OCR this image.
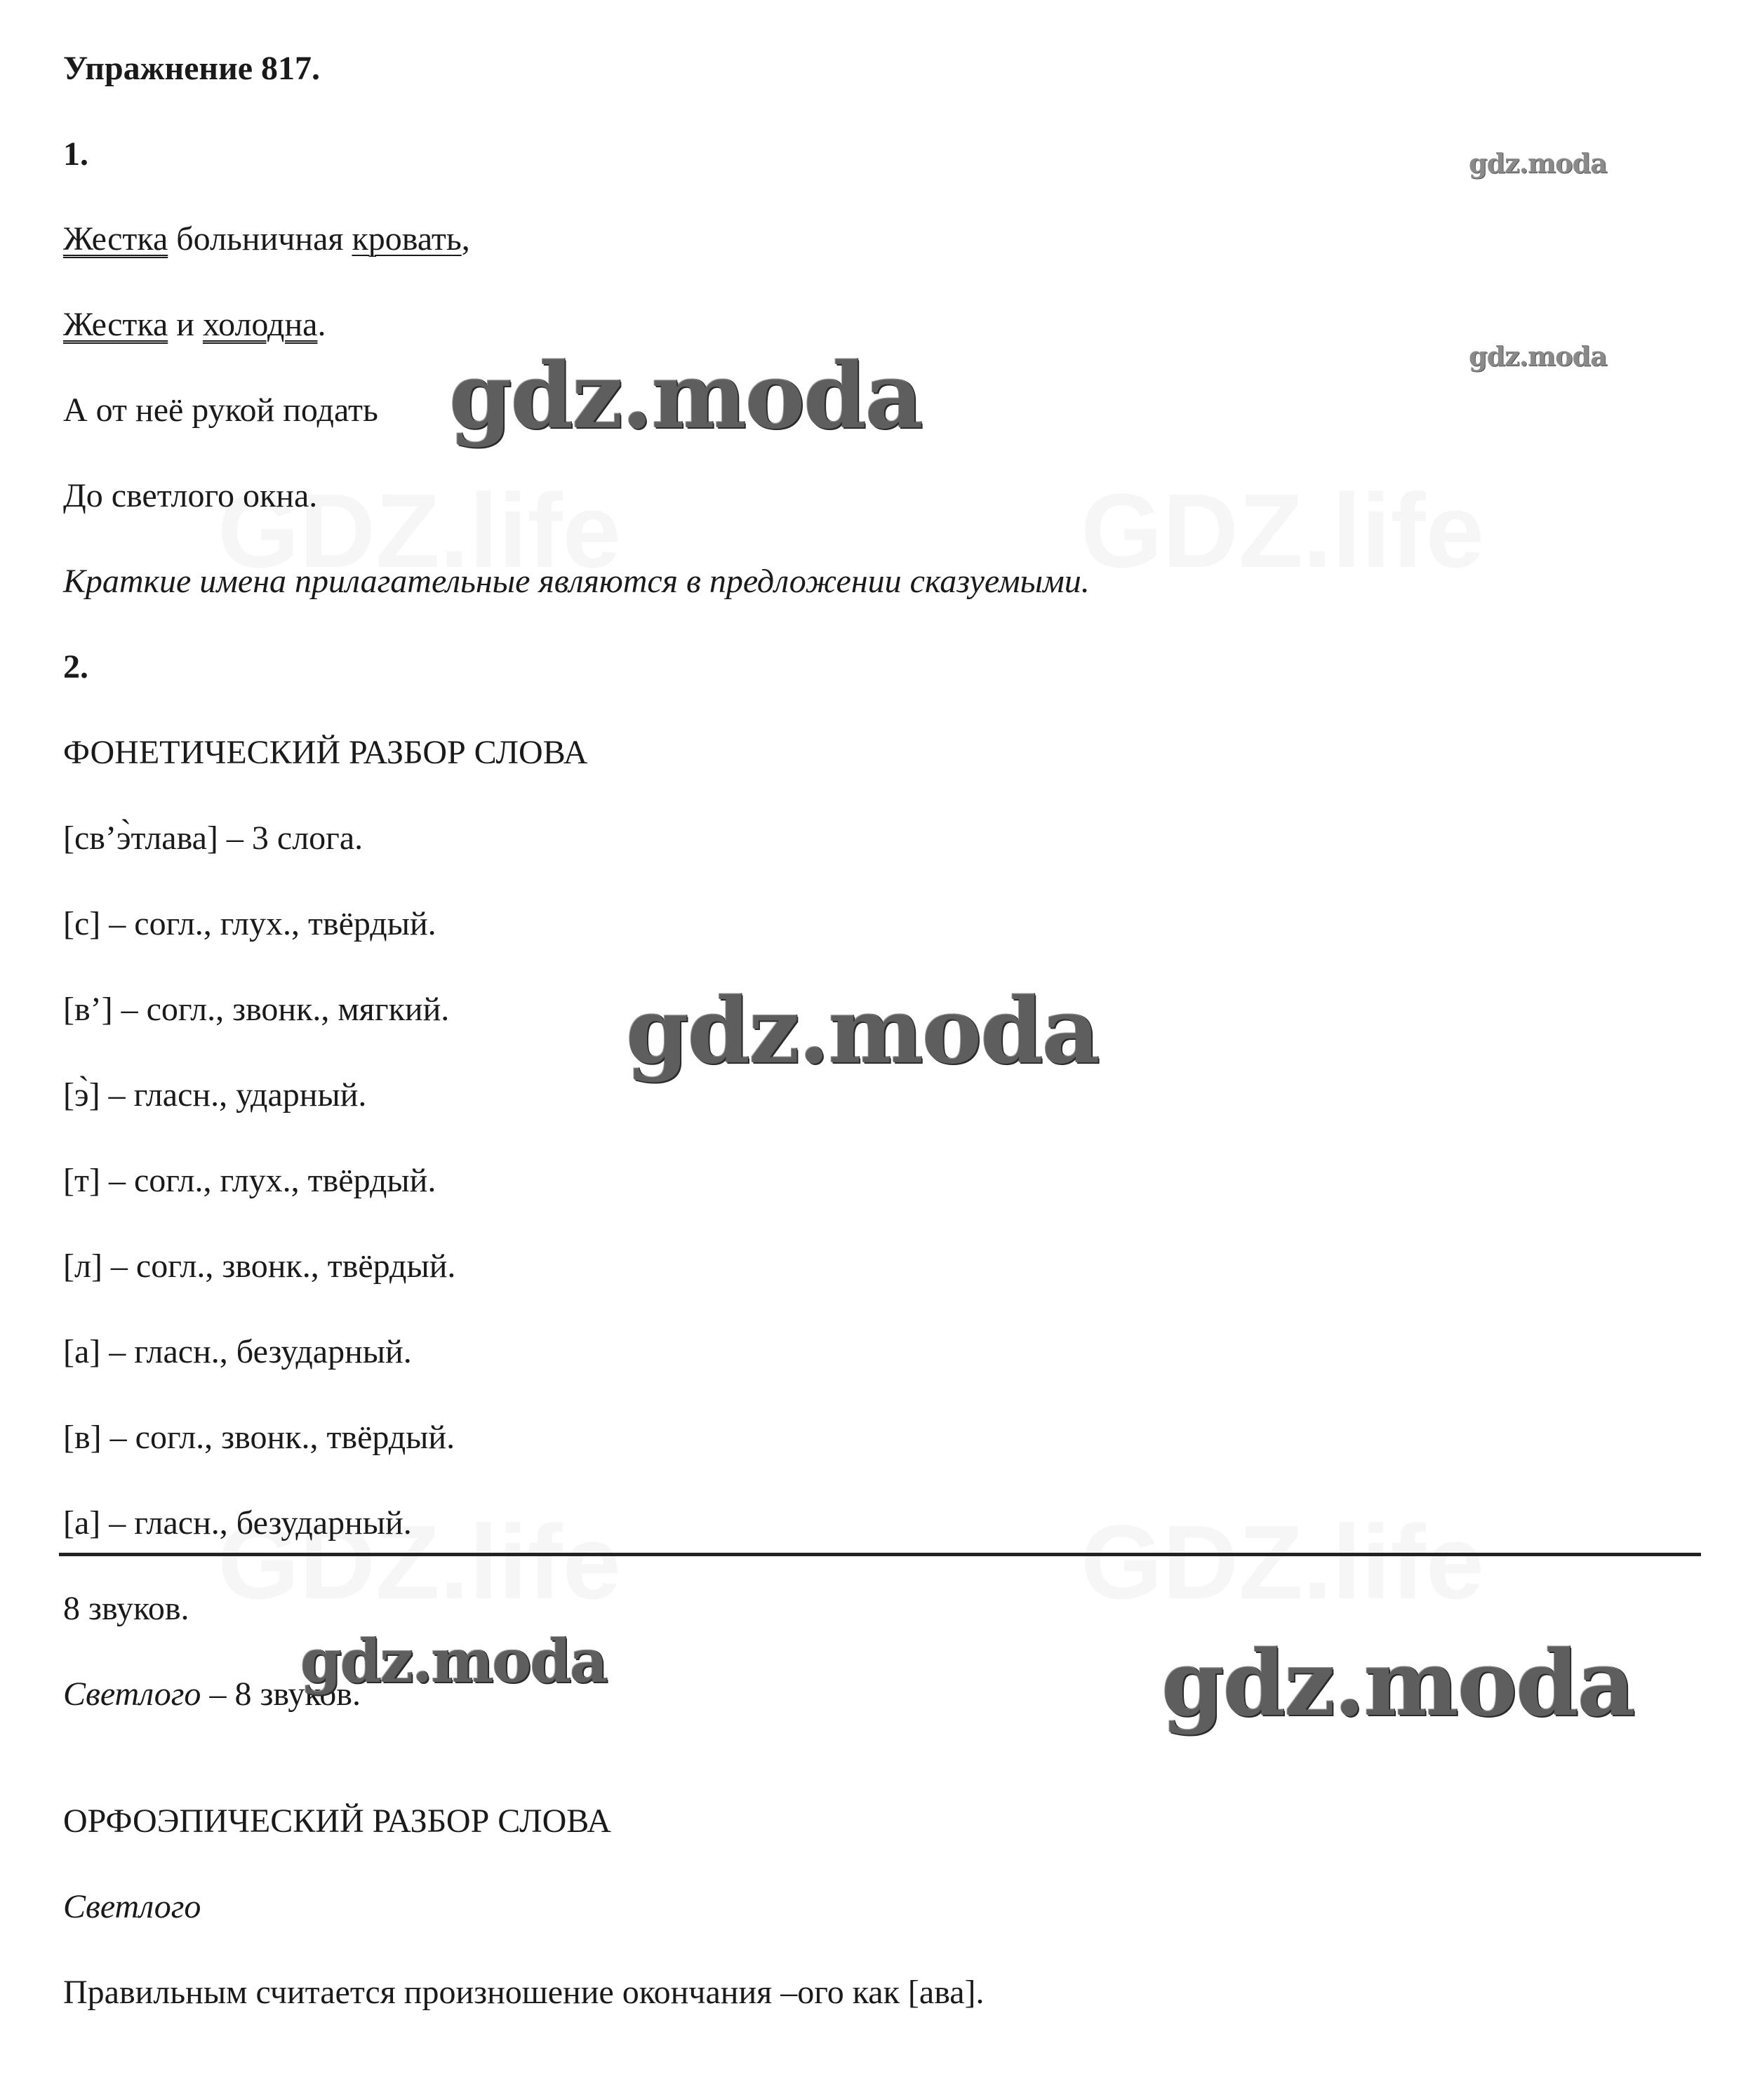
Упражнение 817.
1.
Жестка больничная кровать,
Жестка и холодна.
А от неё рукой подать
До светлого окна.
Краткие имена прилагательные являются в предложении сказуемыми.
2.
ФОНЕТИЧЕСКИЙ РАЗБОР СЛОВА
[св’э̀тлава] – 3 слога.
[с] – согл., глух., твёрдый.
[в’] – согл., звонк., мягкий.
[э̀] – гласн., ударный.
[т] – согл., глух., твёрдый.
[л] – согл., звонк., твёрдый.
[а] – гласн., безударный.
[в] – согл., звонк., твёрдый.
[а] – гласн., безударный.
8 звуков.
Светлого – 8 звуков.
ОРФОЭПИЧЕСКИЙ РАЗБОР СЛОВА
Светлого
Правильным считается произношение окончания –ого как [ава].
gdz.moda
gdz.moda
gdz.moda
gdz.moda
gdz.moda	gdz.moda
